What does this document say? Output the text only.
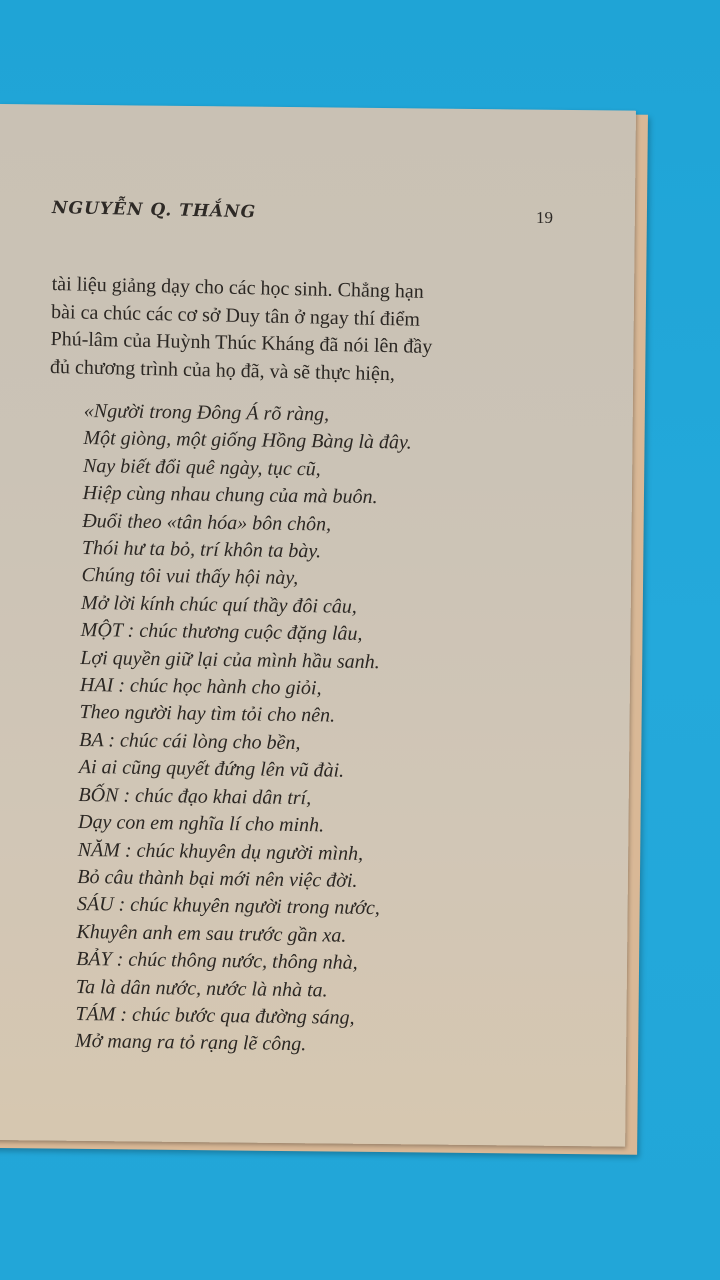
NGUYỄN Q. THẮNG	19
tài liệu giảng dạy cho các học sinh. Chẳng hạn
bài ca chúc các cơ sở Duy tân ở ngay thí điểm
Phú-lâm của Huỳnh Thúc Kháng đã nói lên đầy
đủ chương trình của họ đã, và sẽ thực hiện,
«Người trong Đông Á rõ ràng,
Một giòng, một giống Hồng Bàng là đây.
Nay biết đổi quê ngày, tục cũ,
Hiệp cùng nhau chung của mà buôn.
Đuổi theo «tân hóa» bôn chôn,
Thói hư ta bỏ, trí khôn ta bày.
Chúng tôi vui thấy hội này,
Mở lời kính chúc quí thầy đôi câu,
MỘT : chúc thương cuộc đặng lâu,
Lợi quyền giữ lại của mình hầu sanh.
HAI : chúc học hành cho giỏi,
Theo người hay tìm tỏi cho nên.
BA : chúc cái lòng cho bền,
Ai ai cũng quyết đứng lên vũ đài.
BỐN : chúc đạo khai dân trí,
Dạy con em nghĩa lí cho minh.
NĂM : chúc khuyên dụ người mình,
Bỏ câu thành bại mới nên việc đời.
SÁU : chúc khuyên người trong nước,
Khuyên anh em sau trước gần xa.
BẢY : chúc thông nước, thông nhà,
Ta là dân nước, nước là nhà ta.
TÁM : chúc bước qua đường sáng,
Mở mang ra tỏ rạng lẽ công.
